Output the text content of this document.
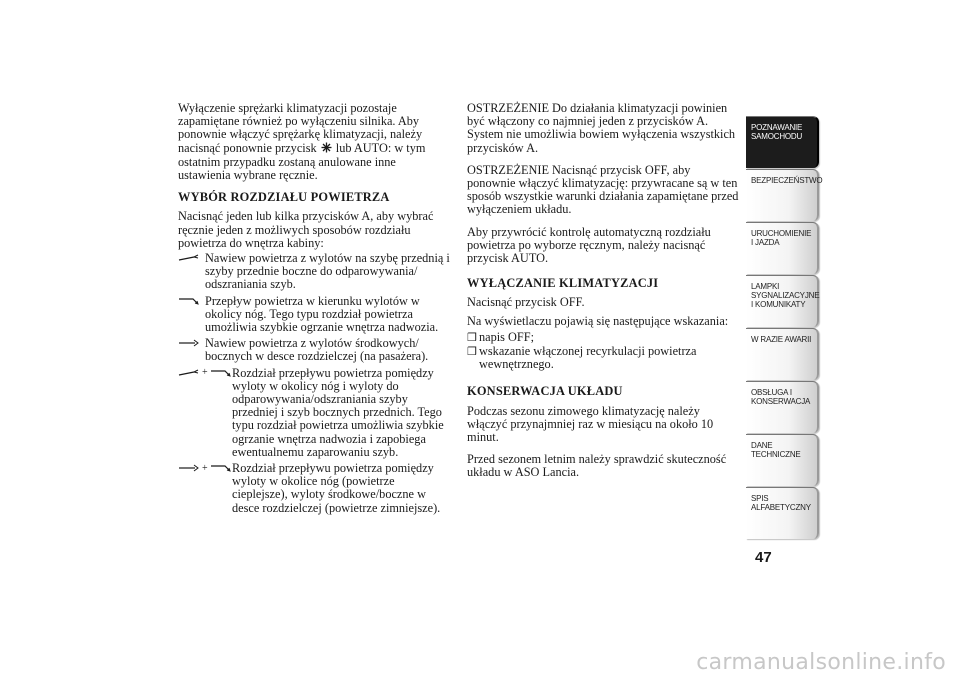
Wyłączenie sprężarki klimatyzacji pozostaje zapamiętane również po wyłączeniu silnika. Aby ponownie włączyć sprężarkę klimatyzacji, należy nacisnąć ponownie przycisk lub AUTO: w tym ostatnim przypadku zostaną anulowane inne ustawienia wybrane ręcznie.

WYBÓR ROZDZIAŁU POWIETRZA

Nacisnąć jeden lub kilka przycisków A, aby wybrać ręcznie jeden z możliwych sposobów rozdziału powietrza do wnętrza kabiny:

Nawiew powietrza z wylotów na szybę przednią i szyby przednie boczne do odparowywania/ odszraniania szyb.
Przepływ powietrza w kierunku wylotów w okolicy nóg. Tego typu rozdział powietrza umożliwia szybkie ogrzanie wnętrza nadwozia.
Nawiew powietrza z wylotów środkowych/ bocznych w desce rozdzielczej (na pasażera).
+	Rozdział przepływu powietrza pomiędzy wyloty w okolicy nóg i wyloty do odparowywania/odszraniania szyby przedniej i szyb bocznych przednich. Tego typu rozdział powietrza umożliwia szybkie ogrzanie wnętrza nadwozia i zapobiega ewentualnemu zaparowaniu szyb.
+	Rozdział przepływu powietrza pomiędzy wyloty w okolice nóg (powietrze cieplejsze), wyloty środkowe/boczne w desce rozdzielczej (powietrze zimniejsze).

OSTRZEŻENIE Do działania klimatyzacji powinien być włączony co najmniej jeden z przycisków A. System nie umożliwia bowiem wyłączenia wszystkich przycisków A.

OSTRZEŻENIE Nacisnąć przycisk OFF, aby ponownie włączyć klimatyzację: przywracane są w ten sposób wszystkie warunki działania zapamiętane przed wyłączeniem układu.

Aby przywrócić kontrolę automatyczną rozdziału powietrza po wyborze ręcznym, należy nacisnąć przycisk AUTO.

WYŁĄCZANIE KLIMATYZACJI

Nacisnąć przycisk OFF.

Na wyświetlaczu pojawią się następujące wskazania:

❒ napis OFF;
❒ wskazanie włączonej recyrkulacji powietrza wewnętrznego.
KONSERWACJA UKŁADU

Podczas sezonu zimowego klimatyzację należy włączyć przynajmniej raz w miesiącu na około 10 minut.

Przed sezonem letnim należy sprawdzić skuteczność układu w ASO Lancia.

POZNAWANIE SAMOCHODU
BEZPIECZEŃSTWO
URUCHOMIENIE I JAZDA
LAMPKI SYGNALIZACYJNE I KOMUNIKATY
W RAZIE AWARII
OBSŁUGA I KONSERWACJA
DANE TECHNICZNE
SPIS ALFABETYCZNY
47
carmanualsonline.info
